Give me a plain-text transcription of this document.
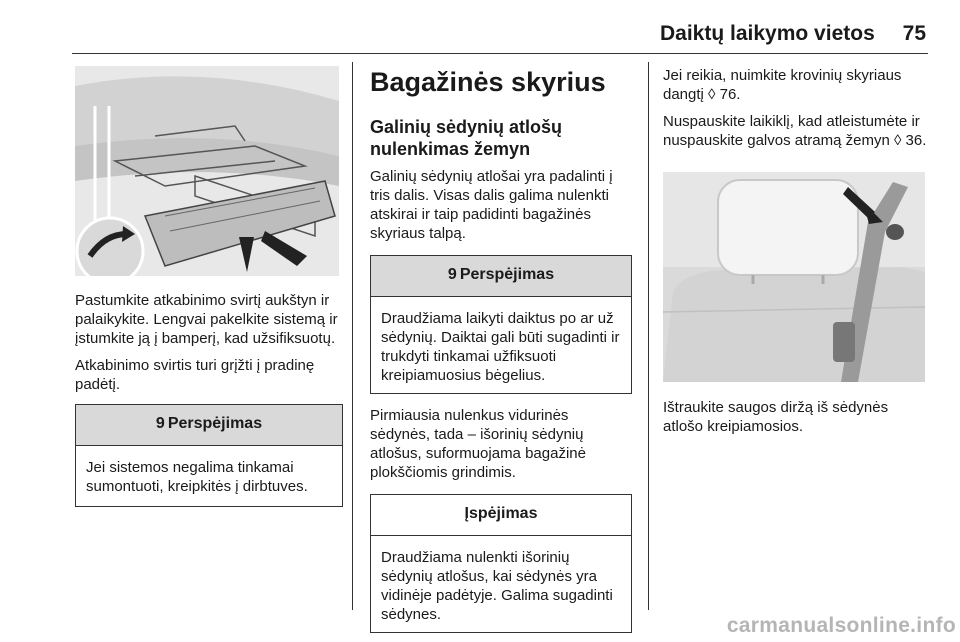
Daiktų laikymo vietos	75

Pastumkite atkabinimo svirtį aukštyn ir palaikykite. Lengvai pakelkite sistemą ir įstumkite ją į bamperį, kad užsifiksuotų.

Atkabinimo svirtis turi grįžti į pradinę padėtį.

9 Perspėjimas
Jei sistemos negalima tinkamai sumontuoti, kreipkitės į dirbtuves.
Bagažinės skyrius
Galinių sėdynių atlošų nulenkimas žemyn

Galinių sėdynių atlošai yra padalinti į tris dalis. Visas dalis galima nulenkti atskirai ir taip padidinti bagažinės skyriaus talpą.

9 Perspėjimas
Draudžiama laikyti daiktus po ar už sėdynių. Daiktai gali būti sugadinti ir trukdyti tinkamai užfiksuoti kreipiamuosius bėgelius.

Pirmiausia nulenkus vidurinės sėdynės, tada – išorinių sėdynių atlošus, suformuojama bagažinė plokščiomis grindimis.

Įspėjimas
Draudžiama nulenkti išorinių sėdynių atlošus, kai sėdynės yra vidinėje padėtyje. Galima sugadinti sėdynes.

Jei reikia, nuimkite krovinių skyriaus dangtį ◊ 76.

Nuspauskite laikiklį, kad atleistumėte ir nuspauskite galvos atramą žemyn ◊ 36.

Ištraukite saugos diržą iš sėdynės atlošo kreipiamosios.

carmanualsonline.info
